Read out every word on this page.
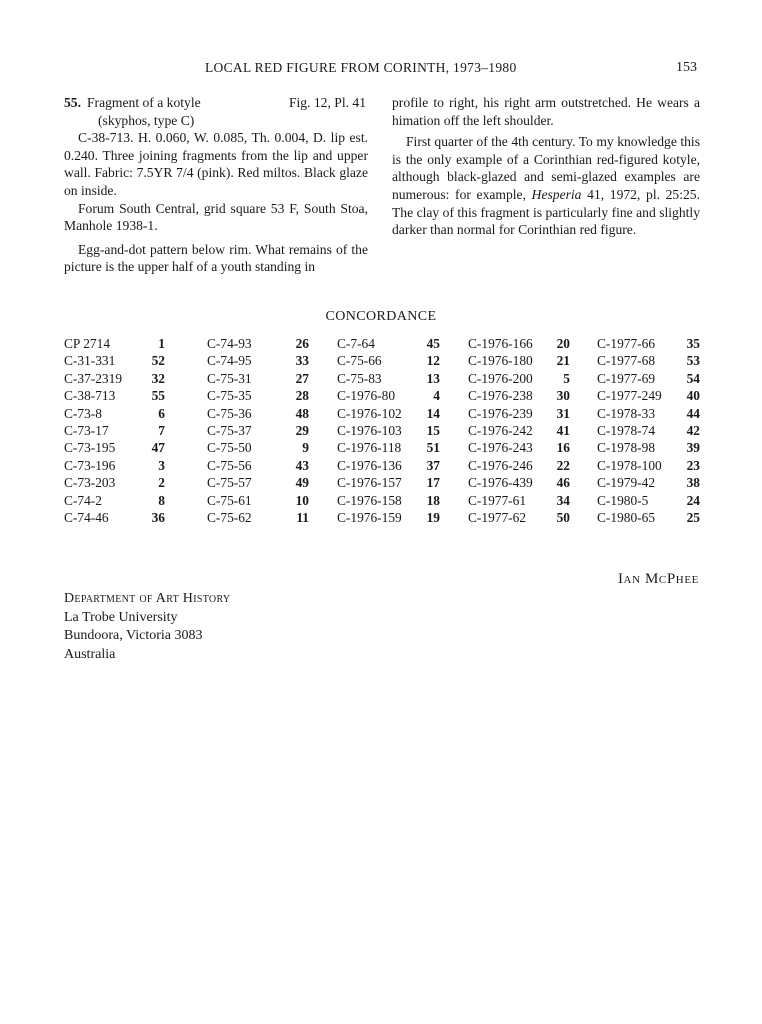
LOCAL RED FIGURE FROM CORINTH, 1973–1980	153
55. Fragment of a kotyle	Fig. 12, Pl. 41
(skyphos, type C)

C-38-713. H. 0.060, W. 0.085, Th. 0.004, D. lip est. 0.240. Three joining fragments from the lip and upper wall. Fabric: 7.5YR 7/4 (pink). Red miltos. Black glaze on inside.

Forum South Central, grid square 53 F, South Stoa, Manhole 1938-1.

Egg-and-dot pattern below rim. What remains of the picture is the upper half of a youth standing in

profile to right, his right arm outstretched. He wears a himation off the left shoulder.

First quarter of the 4th century. To my knowledge this is the only example of a Corinthian red-figured kotyle, although black-glazed and semi-glazed examples are numerous: for example, Hesperia 41, 1972, pl. 25:25. The clay of this fragment is particularly fine and slightly darker than normal for Corinthian red figure.

CONCORDANCE
CP 2714	1
C-31-331	52
C-37-2319 32
C-38-713	55
C-73-8	6
C-73-17	7
C-73-195	47
C-73-196	3
C-73-203	2
C-74-2	8
C-74-46	36
C-74-93	26
C-74-95	33
C-75-31	27
C-75-35	28
C-75-36	48
C-75-37	29
C-75-50	9
C-75-56	43
C-75-57	49
C-75-61	10
C-75-62	11
C-7-64	45
C-75-66	12
C-75-83	13
C-1976-80	4
C-1976-102 14
C-1976-103 15
C-1976-118 51
C-1976-136 37
C-1976-157 17
C-1976-158 18
C-1976-159 19
C-1976-166 20
C-1976-180 21
C-1976-200 5
C-1976-238 30
C-1976-239 31
C-1976-242 41
C-1976-243 16
C-1976-246 22
C-1976-439 46
C-1977-61 34
C-1977-62 50
C-1977-66 35
C-1977-68 53
C-1977-69 54
C-1977-249 40
C-1978-33 44
C-1978-74 42
C-1978-98 39
C-1978-100 23
C-1979-42 38
C-1980-5	24
C-1980-65 25
Ian McPhee
Department of Art History
La Trobe University
Bundoora, Victoria 3083
Australia
